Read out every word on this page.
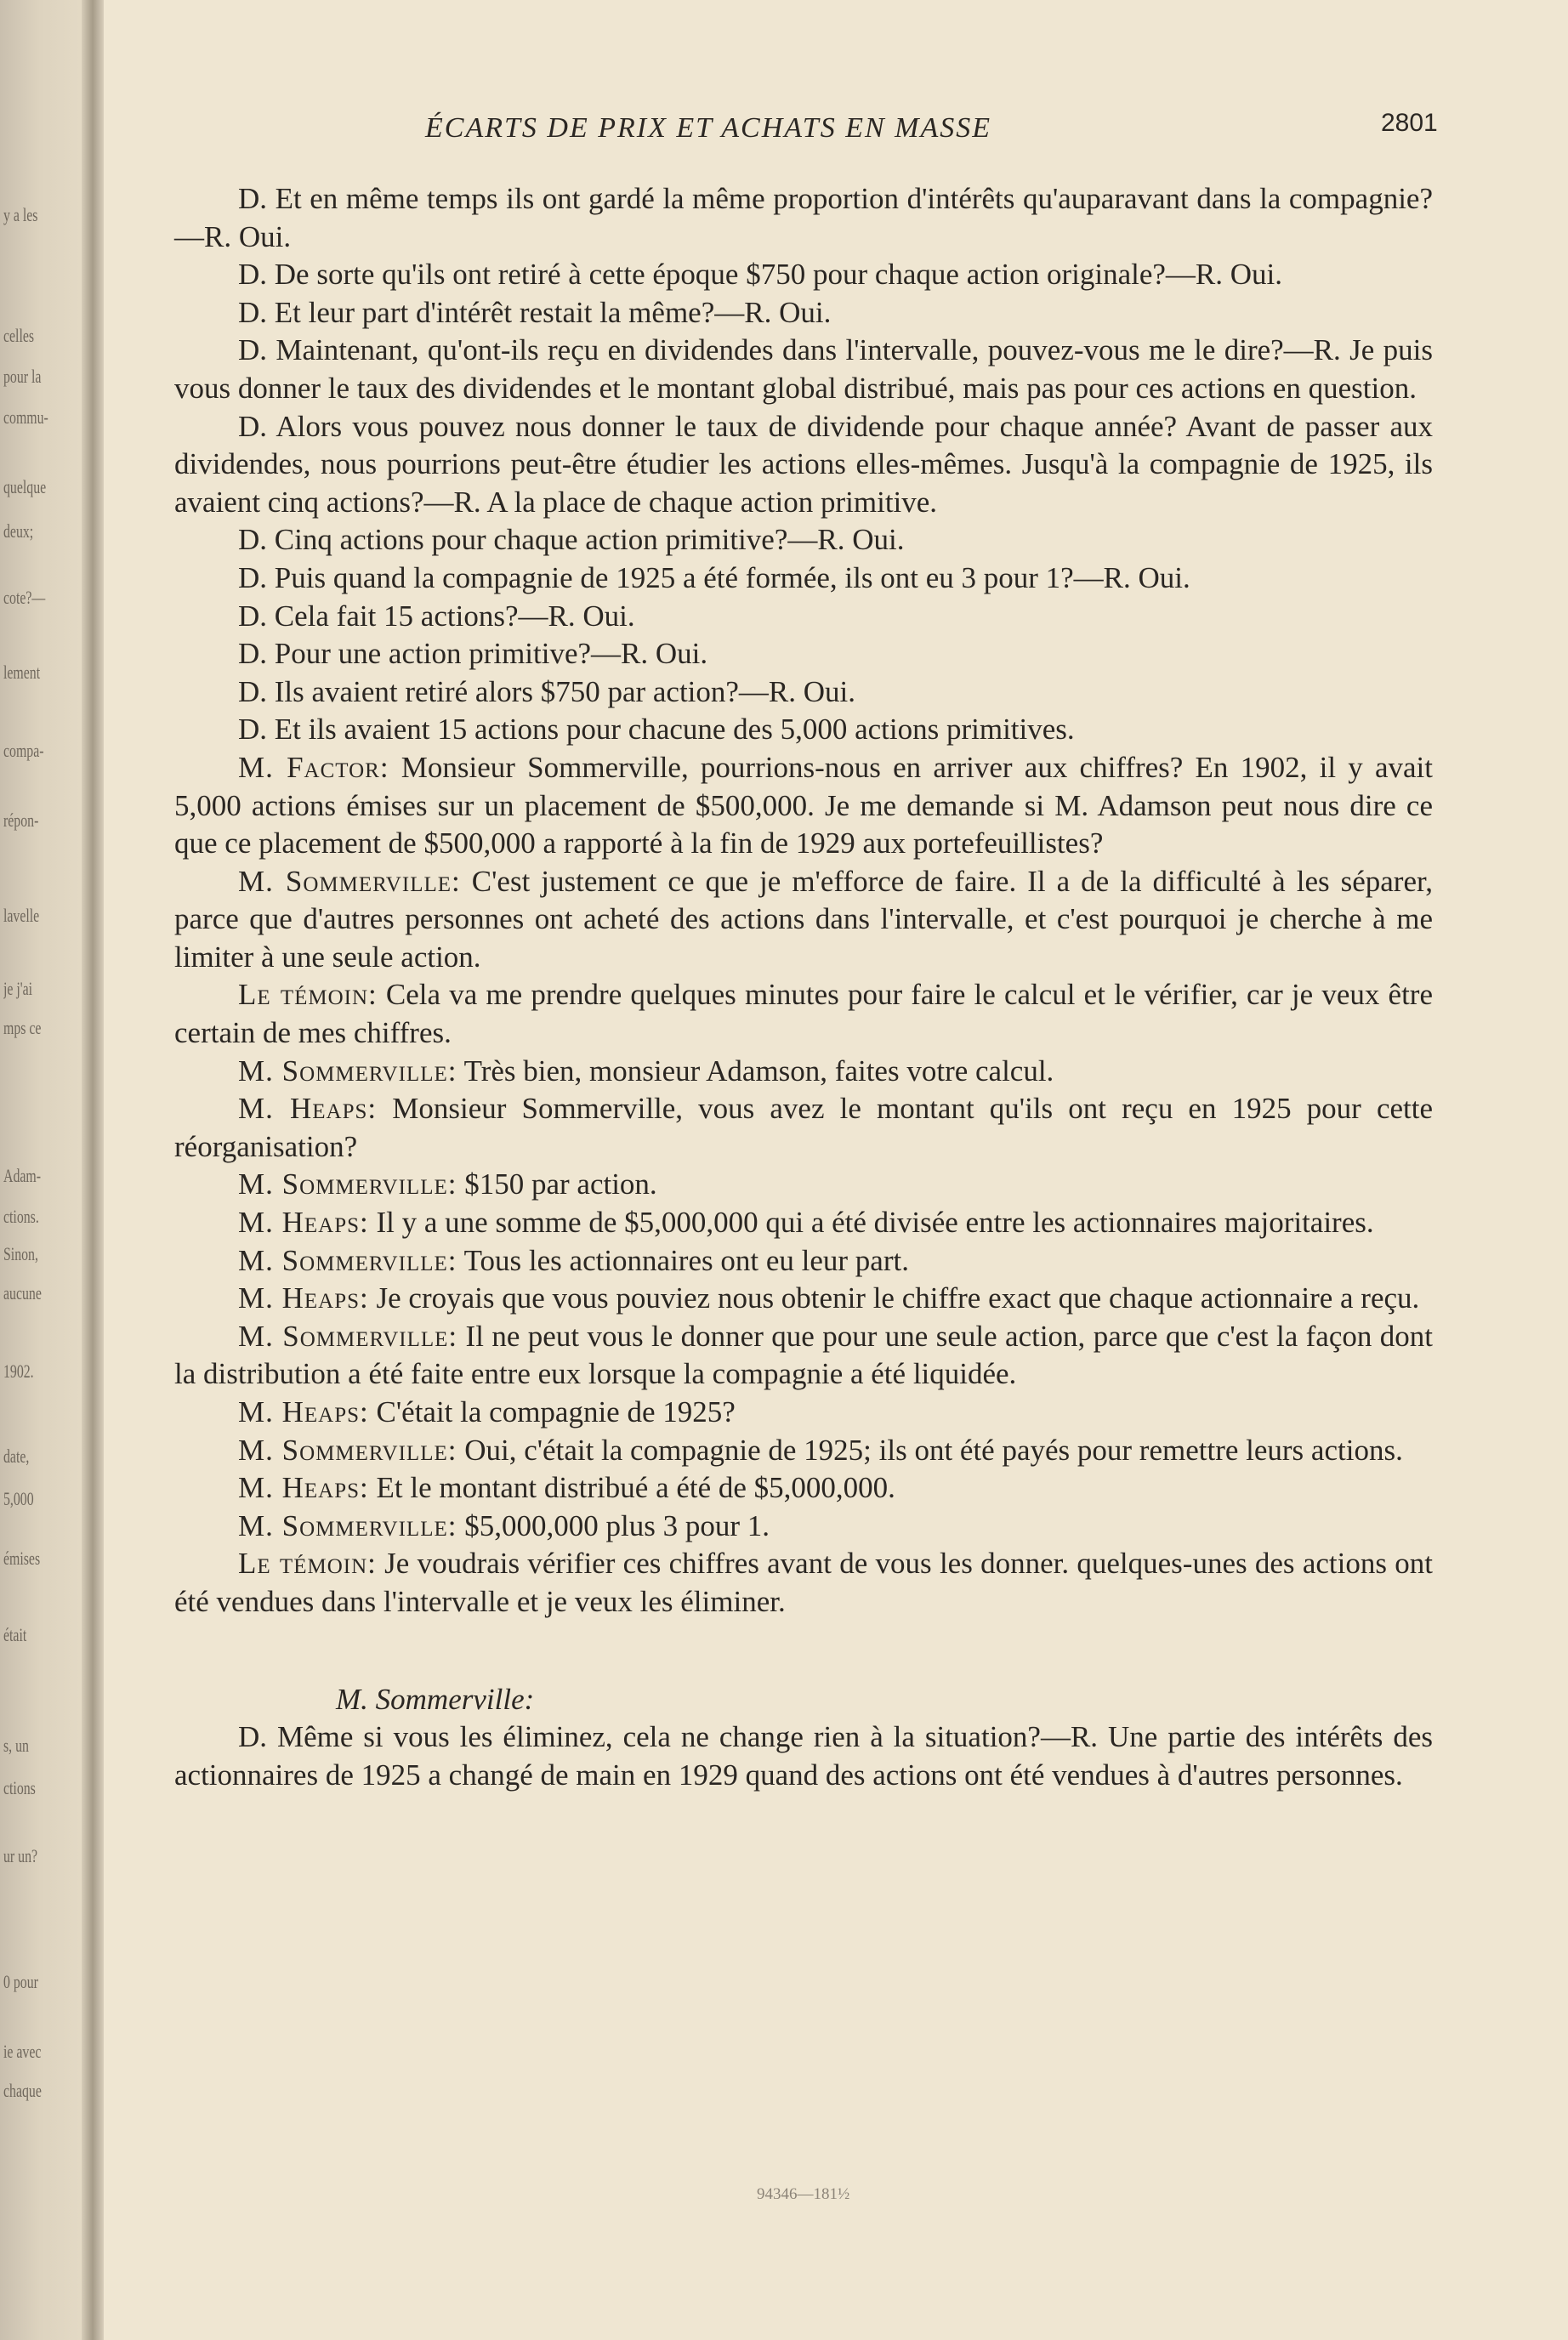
y a les
celles
pour la
commu-
quelque
deux;
cote?—
lement
compa-
répon-
lavelle
je j'ai
mps ce
Adam-
ctions.
Sinon,
aucune
1902.
date,
5,000
émises
était
s, un
ctions
ur un?
0 pour
ie avec
chaque
ÉCARTS DE PRIX ET ACHATS EN MASSE	2801

D. Et en même temps ils ont gardé la même proportion d'intérêts qu'auparavant dans la compagnie?—R. Oui.

D. De sorte qu'ils ont retiré à cette époque $750 pour chaque action originale?—R. Oui.

D. Et leur part d'intérêt restait la même?—R. Oui.

D. Maintenant, qu'ont-ils reçu en dividendes dans l'intervalle, pouvez-vous me le dire?—R. Je puis vous donner le taux des dividendes et le montant global distribué, mais pas pour ces actions en question.

D. Alors vous pouvez nous donner le taux de dividende pour chaque année? Avant de passer aux dividendes, nous pourrions peut-être étudier les actions elles-mêmes. Jusqu'à la compagnie de 1925, ils avaient cinq actions?—R. A la place de chaque action primitive.

D. Cinq actions pour chaque action primitive?—R. Oui.

D. Puis quand la compagnie de 1925 a été formée, ils ont eu 3 pour 1?—R. Oui.

D. Cela fait 15 actions?—R. Oui.

D. Pour une action primitive?—R. Oui.

D. Ils avaient retiré alors $750 par action?—R. Oui.

D. Et ils avaient 15 actions pour chacune des 5,000 actions primitives.

M. Factor: Monsieur Sommerville, pourrions-nous en arriver aux chiffres? En 1902, il y avait 5,000 actions émises sur un placement de $500,000. Je me demande si M. Adamson peut nous dire ce que ce placement de $500,000 a rapporté à la fin de 1929 aux portefeuillistes?

M. Sommerville: C'est justement ce que je m'efforce de faire. Il a de la difficulté à les séparer, parce que d'autres personnes ont acheté des actions dans l'intervalle, et c'est pourquoi je cherche à me limiter à une seule action.

Le témoin: Cela va me prendre quelques minutes pour faire le calcul et le vérifier, car je veux être certain de mes chiffres.

M. Sommerville: Très bien, monsieur Adamson, faites votre calcul.

M. Heaps: Monsieur Sommerville, vous avez le montant qu'ils ont reçu en 1925 pour cette réorganisation?

M. Sommerville: $150 par action.

M. Heaps: Il y a une somme de $5,000,000 qui a été divisée entre les actionnaires majoritaires.

M. Sommerville: Tous les actionnaires ont eu leur part.

M. Heaps: Je croyais que vous pouviez nous obtenir le chiffre exact que chaque actionnaire a reçu.

M. Sommerville: Il ne peut vous le donner que pour une seule action, parce que c'est la façon dont la distribution a été faite entre eux lorsque la compagnie a été liquidée.

M. Heaps: C'était la compagnie de 1925?

M. Sommerville: Oui, c'était la compagnie de 1925; ils ont été payés pour remettre leurs actions.

M. Heaps: Et le montant distribué a été de $5,000,000.

M. Sommerville: $5,000,000 plus 3 pour 1.

Le témoin: Je voudrais vérifier ces chiffres avant de vous les donner. quelques-unes des actions ont été vendues dans l'intervalle et je veux les éliminer.

M. Sommerville:

D. Même si vous les éliminez, cela ne change rien à la situation?—R. Une partie des intérêts des actionnaires de 1925 a changé de main en 1929 quand des actions ont été vendues à d'autres personnes.

94346—181½
